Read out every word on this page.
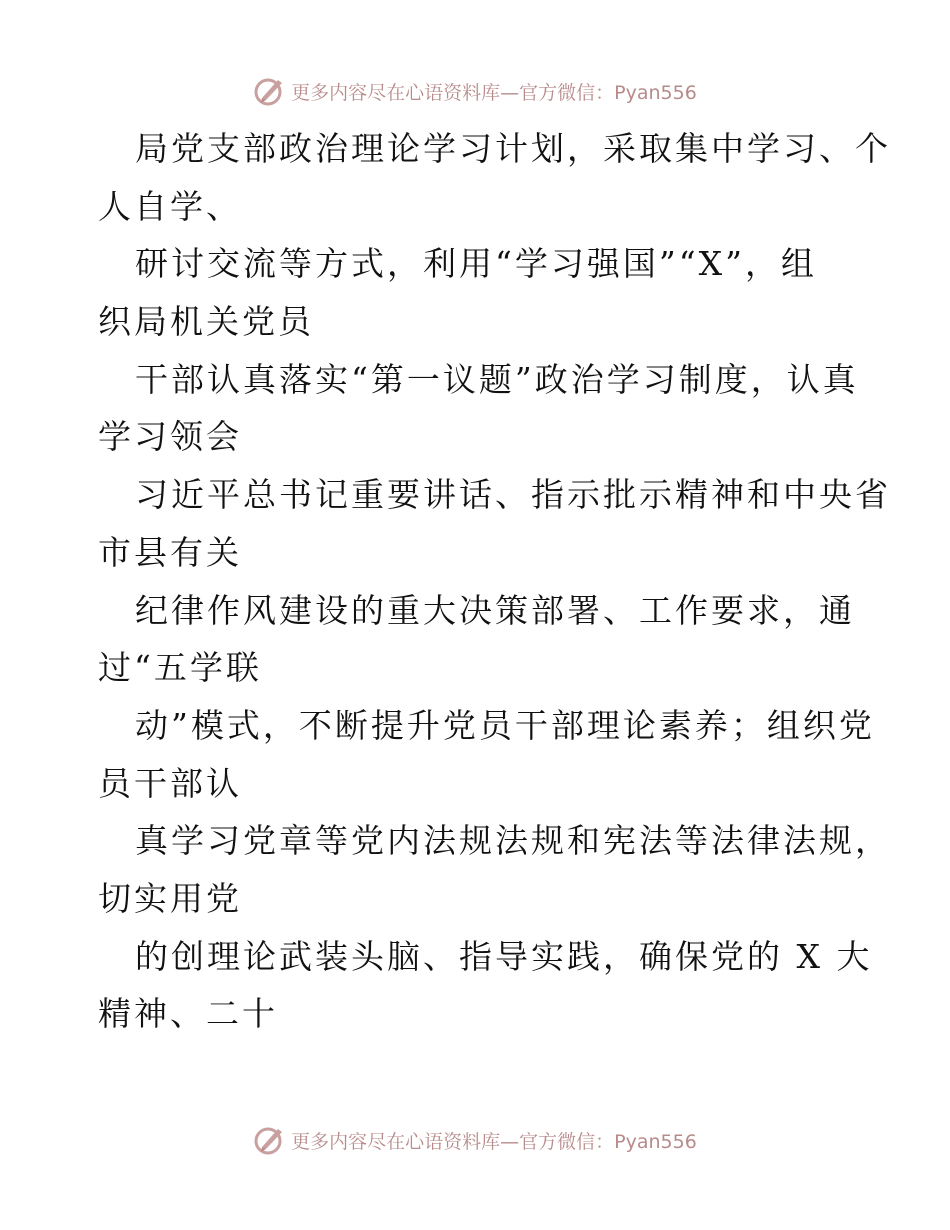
更多内容尽在心语资料库—官方微信：Pyan556
局党支部政治理论学习计划，采取集中学习、个
人自学、
研讨交流等方式，利用“学习强国”“X”，组
织局机关党员
干部认真落实“第一议题”政治学习制度，认真
学习领会
习近平总书记重要讲话、指示批示精神和中央省
市县有关
纪律作风建设的重大决策部署、工作要求，通
过“五学联
动”模式，不断提升党员干部理论素养；组织党
员干部认
真学习党章等党内法规法规和宪法等法律法规，
切实用党
的创理论武装头脑、指导实践，确保党的 X 大
精神、二十
更多内容尽在心语资料库—官方微信：Pyan556
